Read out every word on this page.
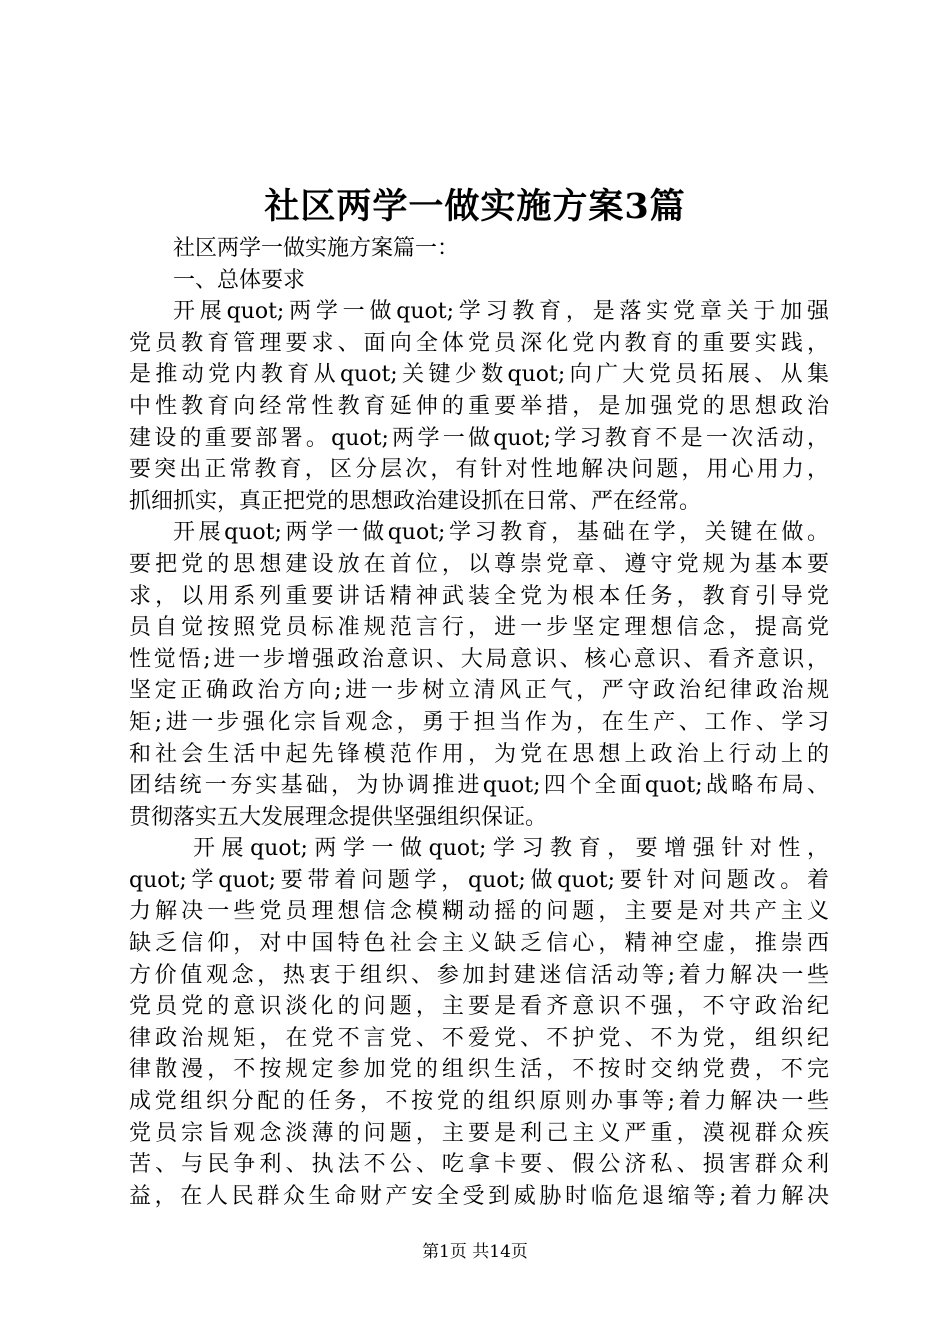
社区两学一做实施方案3篇
社区两学一做实施方案篇一：
一、总体要求
开展quot;两学一做quot;学习教育，是落实党章关于加强
党员教育管理要求、面向全体党员深化党内教育的重要实践，
是推动党内教育从quot;关键少数quot;向广大党员拓展、从集
中性教育向经常性教育延伸的重要举措，是加强党的思想政治
建设的重要部署。quot;两学一做quot;学习教育不是一次活动，
要突出正常教育，区分层次，有针对性地解决问题，用心用力，
抓细抓实，真正把党的思想政治建设抓在日常、严在经常。
开展quot;两学一做quot;学习教育，基础在学，关键在做。
要把党的思想建设放在首位，以尊崇党章、遵守党规为基本要
求，以用系列重要讲话精神武装全党为根本任务，教育引导党
员自觉按照党员标准规范言行，进一步坚定理想信念，提高党
性觉悟;进一步增强政治意识、大局意识、核心意识、看齐意识，
坚定正确政治方向;进一步树立清风正气，严守政治纪律政治规
矩;进一步强化宗旨观念，勇于担当作为，在生产、工作、学习
和社会生活中起先锋模范作用，为党在思想上政治上行动上的
团结统一夯实基础，为协调推进quot;四个全面quot;战略布局、
贯彻落实五大发展理念提供坚强组织保证。
开展quot;两学一做quot;学习教育，要增强针对性，
quot;学quot;要带着问题学，quot;做quot;要针对问题改。着
力解决一些党员理想信念模糊动摇的问题，主要是对共产主义
缺乏信仰，对中国特色社会主义缺乏信心，精神空虚，推崇西
方价值观念，热衷于组织、参加封建迷信活动等;着力解决一些
党员党的意识淡化的问题，主要是看齐意识不强，不守政治纪
律政治规矩，在党不言党、不爱党、不护党、不为党，组织纪
律散漫，不按规定参加党的组织生活，不按时交纳党费，不完
成党组织分配的任务，不按党的组织原则办事等;着力解决一些
党员宗旨观念淡薄的问题，主要是利己主义严重，漠视群众疾
苦、与民争利、执法不公、吃拿卡要、假公济私、损害群众利
益，在人民群众生命财产安全受到威胁时临危退缩等;着力解决
第1页 共14页
